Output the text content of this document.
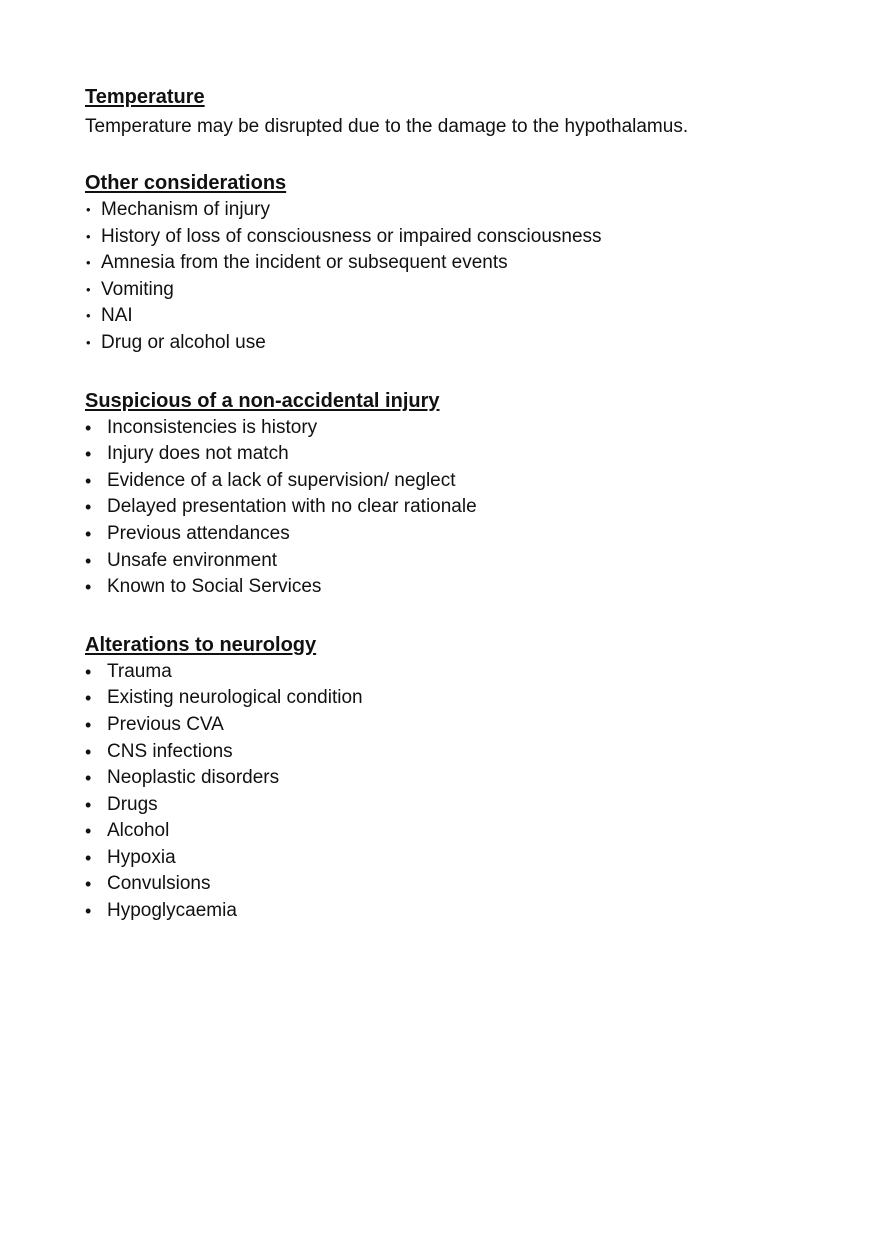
Temperature

Temperature may be disrupted due to the damage to the hypothalamus.

Other considerations
• Mechanism of injury
• History of loss of consciousness or impaired consciousness
• Amnesia from the incident or subsequent events
• Vomiting
• NAI
• Drug or alcohol use
Suspicious of a non-accidental injury
• Inconsistencies is history
• Injury does not match
• Evidence of a lack of supervision/ neglect
• Delayed presentation with no clear rationale
• Previous attendances
• Unsafe environment
• Known to Social Services
Alterations to neurology
• Trauma
• Existing neurological condition
• Previous CVA
• CNS infections
• Neoplastic disorders
• Drugs
• Alcohol
• Hypoxia
• Convulsions
• Hypoglycaemia
